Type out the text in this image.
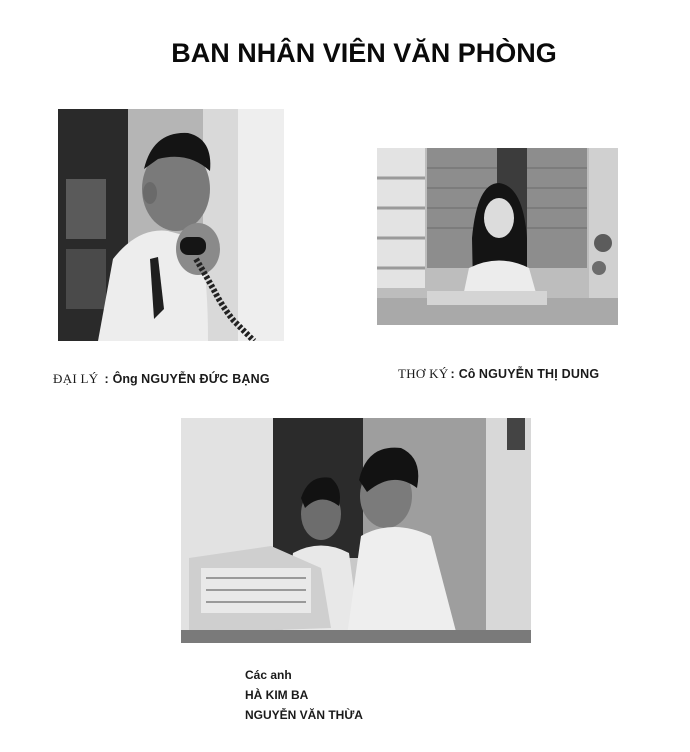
BAN NHÂN VIÊN VĂN PHÒNG
ĐẠI LÝ : Ông NGUYỄN ĐỨC BẠNG	THƠ KÝ : Cô NGUYỄN THỊ DUNG
Các anh
HÀ KIM BA
NGUYỄN VĂN THỪA
